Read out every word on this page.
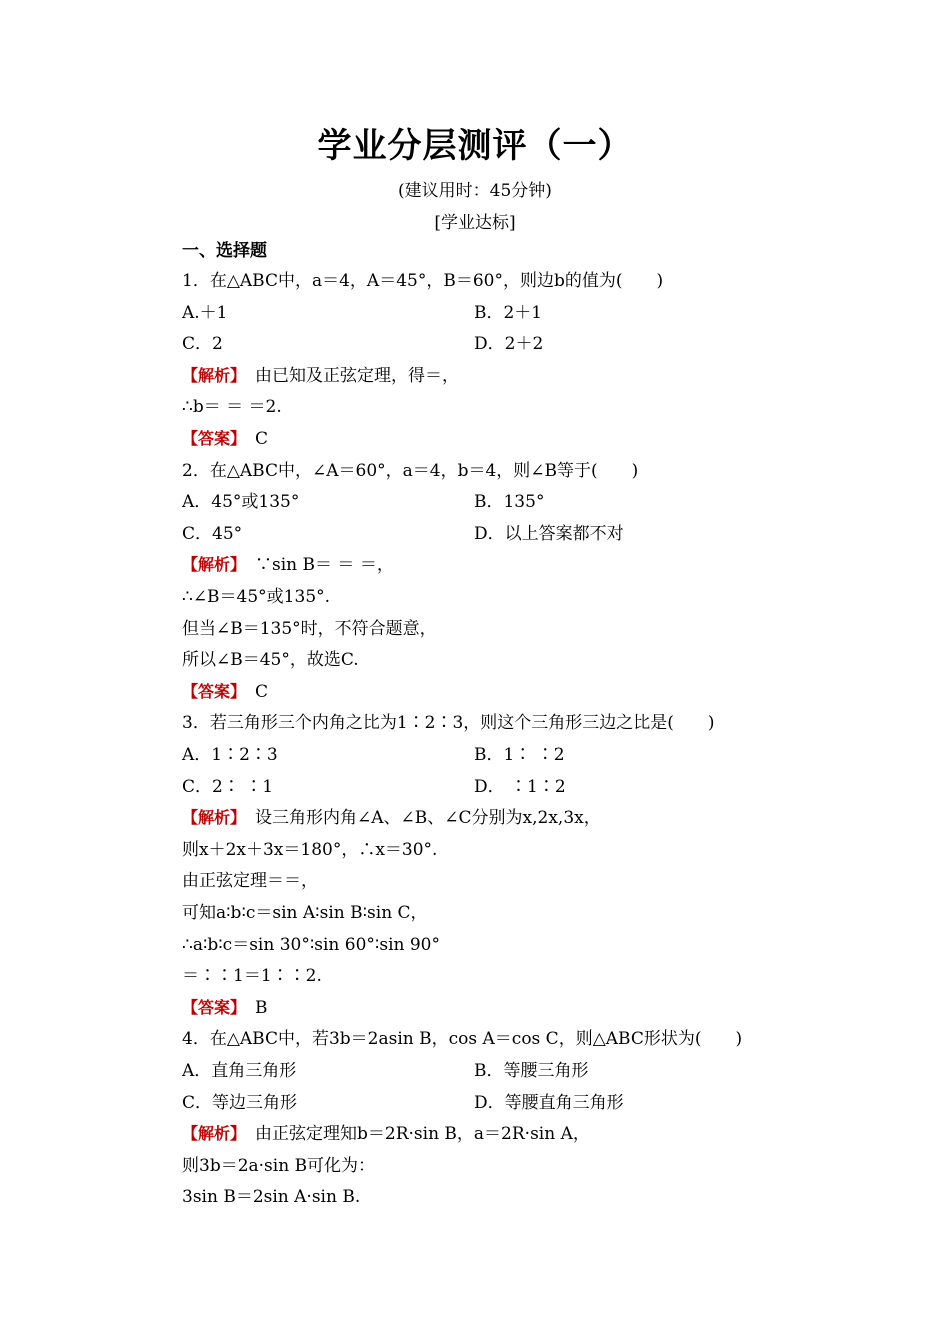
学业分层测评（一）
(建议用时：45分钟)
[学业达标]
一、选择题
1．在△ABC中，a＝4，A＝45°，B＝60°，则边b的值为(　　)
A.＋1	B．2＋1
C．2	D．2＋2
【解析】　由已知及正弦定理，得＝，
∴b＝ ＝ ＝2.
【答案】　C
2．在△ABC中，∠A＝60°，a＝4，b＝4，则∠B等于(　　)
A．45°或135°	B．135°
C．45°	D．以上答案都不对
【解析】　∵sin B＝ ＝ ＝，
∴∠B＝45°或135°.
但当∠B＝135°时，不符合题意，
所以∠B＝45°，故选C.
【答案】　C
3．若三角形三个内角之比为1∶2∶3，则这个三角形三边之比是(　　)
A．1∶2∶3	B．1∶ ∶2
C．2∶ ∶1	D． ∶1∶2
【解析】　设三角形内角∠A、∠B、∠C分别为x,2x,3x，
则x＋2x＋3x＝180°，∴x＝30°.
由正弦定理＝＝，
可知a∶b∶c＝sin A∶sin B∶sin C，
∴a∶b∶c＝sin 30°∶sin 60°∶sin 90°
＝∶∶1＝1∶∶2.
【答案】　B
4．在△ABC中，若3b＝2asin B，cos A＝cos C，则△ABC形状为(　　)
A．直角三角形	B．等腰三角形
C．等边三角形	D．等腰直角三角形
【解析】　由正弦定理知b＝2R·sin B，a＝2R·sin A，
则3b＝2a·sin B可化为：
3sin B＝2sin A·sin B.
